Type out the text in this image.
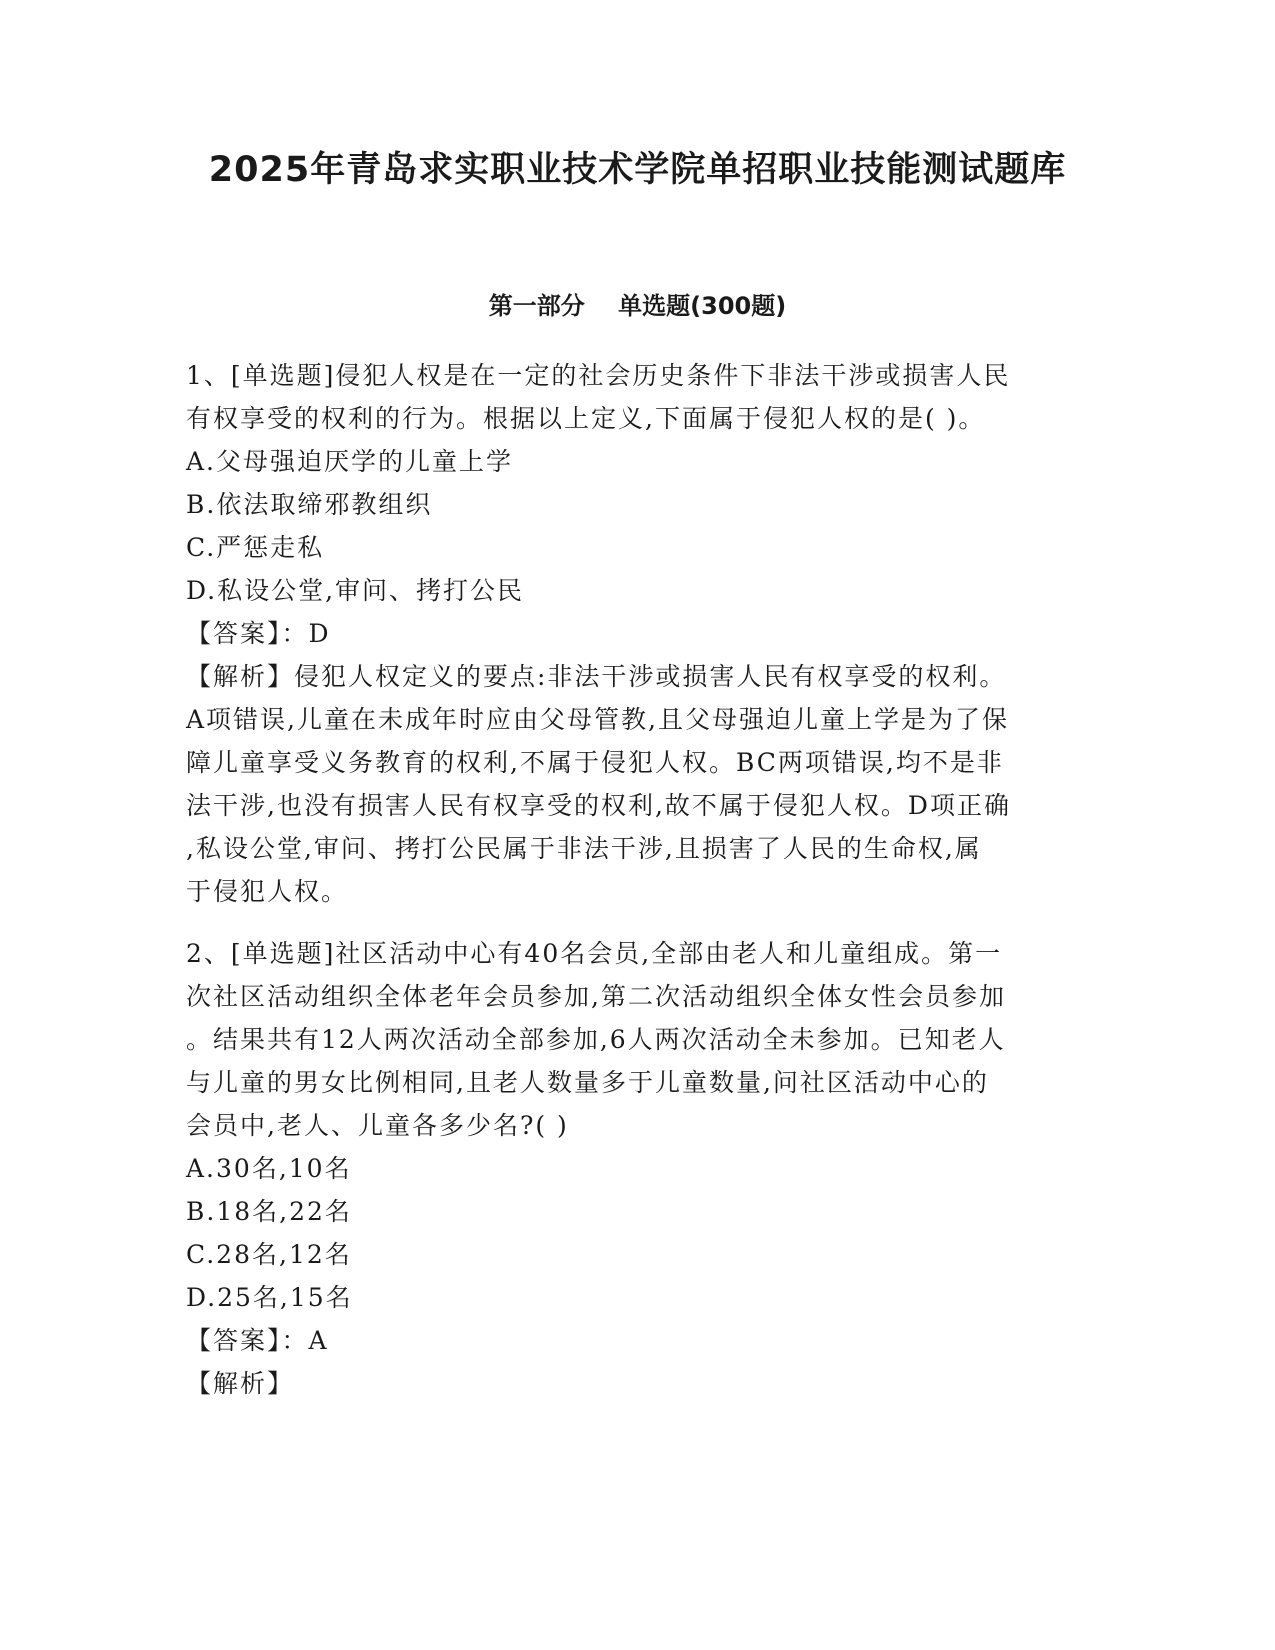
2025年青岛求实职业技术学院单招职业技能测试题库
第一部分    单选题(300题)
1、[单选题]侵犯人权是在一定的社会历史条件下非法干涉或损害人民
有权享受的权利的行为。根据以上定义,下面属于侵犯人权的是( )。
A.父母强迫厌学的儿童上学
B.依法取缔邪教组织
C.严惩走私
D.私设公堂,审问、拷打公民
【答案】：D
【解析】侵犯人权定义的要点:非法干涉或损害人民有权享受的权利。
A项错误,儿童在未成年时应由父母管教,且父母强迫儿童上学是为了保
障儿童享受义务教育的权利,不属于侵犯人权。BC两项错误,均不是非
法干涉,也没有损害人民有权享受的权利,故不属于侵犯人权。D项正确
,私设公堂,审问、拷打公民属于非法干涉,且损害了人民的生命权,属
于侵犯人权。
2、[单选题]社区活动中心有40名会员,全部由老人和儿童组成。第一
次社区活动组织全体老年会员参加,第二次活动组织全体女性会员参加
。结果共有12人两次活动全部参加,6人两次活动全未参加。已知老人
与儿童的男女比例相同,且老人数量多于儿童数量,问社区活动中心的
会员中,老人、儿童各多少名?( )
A.30名,10名
B.18名,22名
C.28名,12名
D.25名,15名
【答案】：A
【解析】
